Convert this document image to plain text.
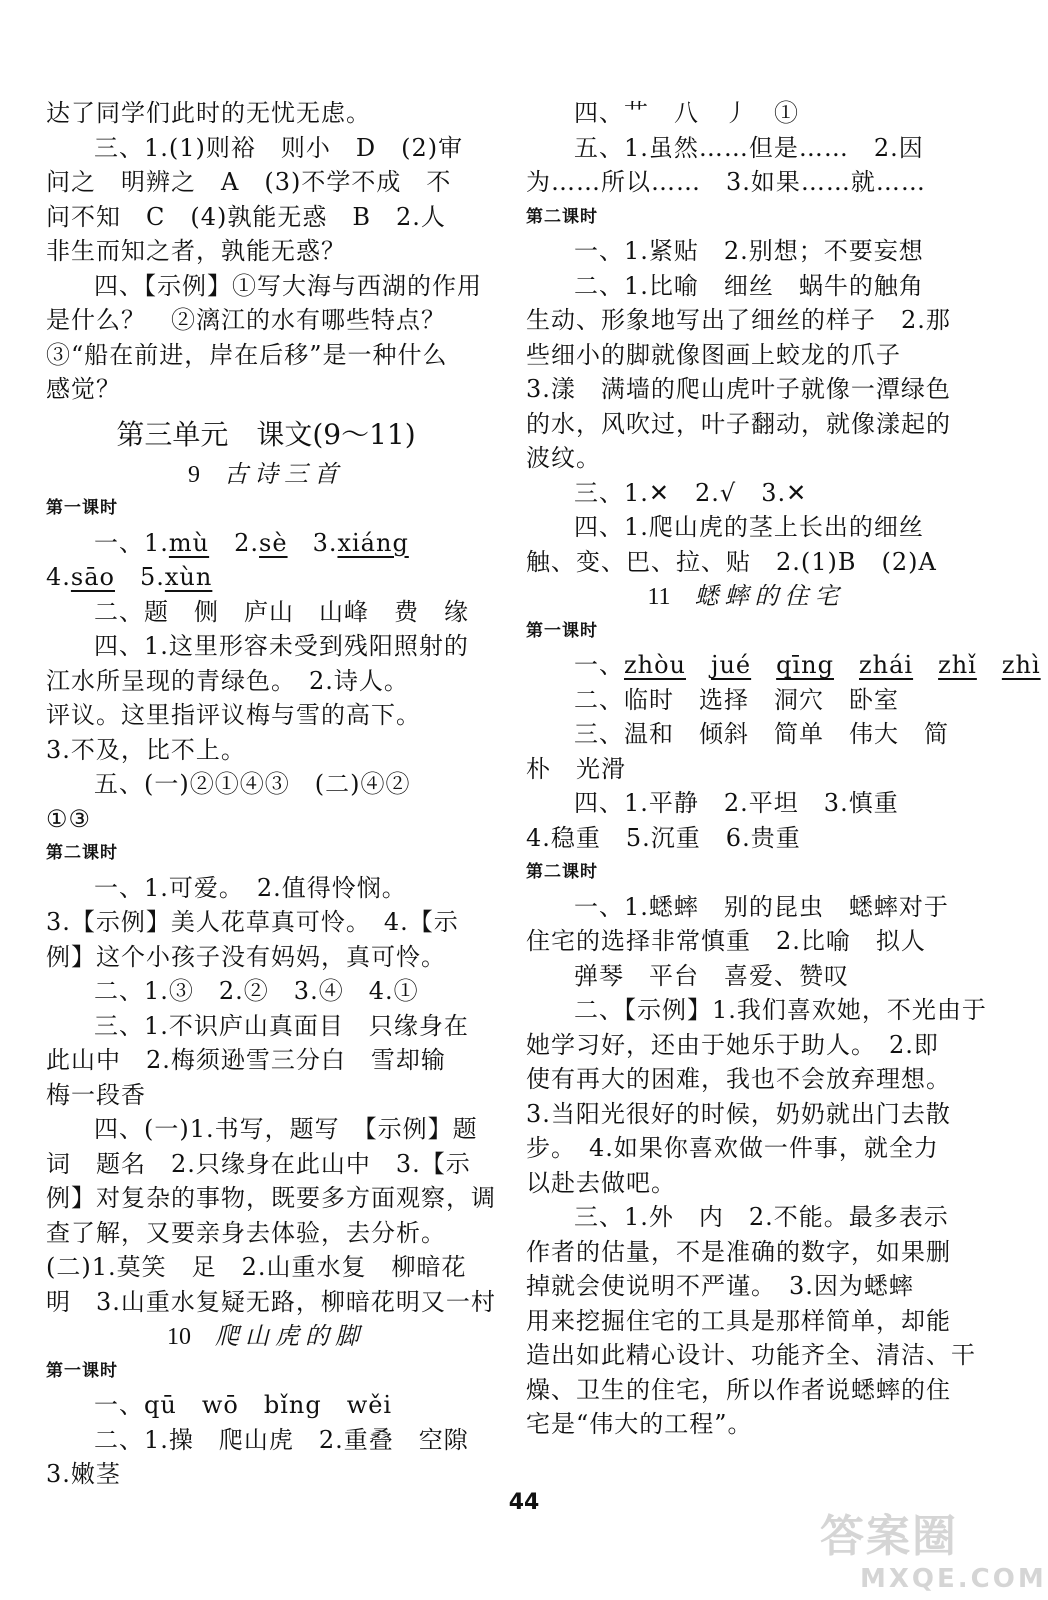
达了同学们此时的无忧无虑。
三、1.(1)则裕　则小　D　(2)审
问之　明辨之　A　(3)不学不成　不
问不知　C　(4)孰能无惑　B　2.人
非生而知之者，孰能无惑？
四、【示例】①写大海与西湖的作用
是什么？　②漓江的水有哪些特点？
③“船在前进，岸在后移”是一种什么
感觉？
第三单元　课文(9～11)
9 古诗三首
第一课时
一、1.mù　 2.sè　 3.xiáng
4.sāo　 5.xùn
二、题　侧　庐山　山峰　费　缘
四、1.这里形容未受到残阳照射的
江水所呈现的青绿色。　2.诗人。
评议。这里指评议梅与雪的高下。
3.不及，比不上。
五、(一)②①④③　(二)④②
①③
第二课时
一、1.可爱。　2.值得怜悯。
3.【示例】美人花草真可怜。　4.【示
例】这个小孩子没有妈妈，真可怜。
二、1.③　2.②　3.④　4.①
三、1.不识庐山真面目　只缘身在
此山中　2.梅须逊雪三分白　雪却输
梅一段香
四、(一)1.书写，题写　【示例】题
词　题名　2.只缘身在此山中　3.【示
例】对复杂的事物，既要多方面观察，调
查了解，又要亲身去体验，去分析。
(二)1.莫笑　足　2.山重水复　柳暗花
明　3.山重水复疑无路，柳暗花明又一村
10 爬山虎的脚
第一课时
一、qū　 wō　 bǐng　 wěi
二、1.操　爬山虎　2.重叠　空隙
3.嫩茎
四、艹　八　丿　①
五、1.虽然……但是……　2.因
为……所以……　3.如果……就……
第二课时
一、1.紧贴　2.别想；不要妄想
二、1.比喻　细丝　蜗牛的触角
生动、形象地写出了细丝的样子　2.那
些细小的脚就像图画上蛟龙的爪子
3.漾　满墙的爬山虎叶子就像一潭绿色
的水，风吹过，叶子翻动，就像漾起的
波纹。
三、1.✕　2.√　3.✕
四、1.爬山虎的茎上长出的细丝
触、变、巴、拉、贴　2.(1)B　(2)A
11 蟋蟀的住宅
第一课时
一、zhòu　 jué　 qīng　 zhái　 zhǐ　 zhì
二、临时　选择　洞穴　卧室
三、温和　倾斜　简单　伟大　简
朴　光滑
四、1.平静　2.平坦　3.慎重
4.稳重　5.沉重　6.贵重
第二课时
一、1.蟋蟀　别的昆虫　蟋蟀对于
住宅的选择非常慎重　2.比喻　拟人
弹琴　平台　喜爱、赞叹
二、【示例】1.我们喜欢她，不光由于
她学习好，还由于她乐于助人。　2.即
使有再大的困难，我也不会放弃理想。
3.当阳光很好的时候，奶奶就出门去散
步。　4.如果你喜欢做一件事，就全力
以赴去做吧。
三、1.外　内　2.不能。最多表示
作者的估量，不是准确的数字，如果删
掉就会使说明不严谨。　3.因为蟋蟀
用来挖掘住宅的工具是那样简单，却能
造出如此精心设计、功能齐全、清洁、干
燥、卫生的住宅，所以作者说蟋蟀的住
宅是“伟大的工程”。
44
答案圈
MXQE.COM
